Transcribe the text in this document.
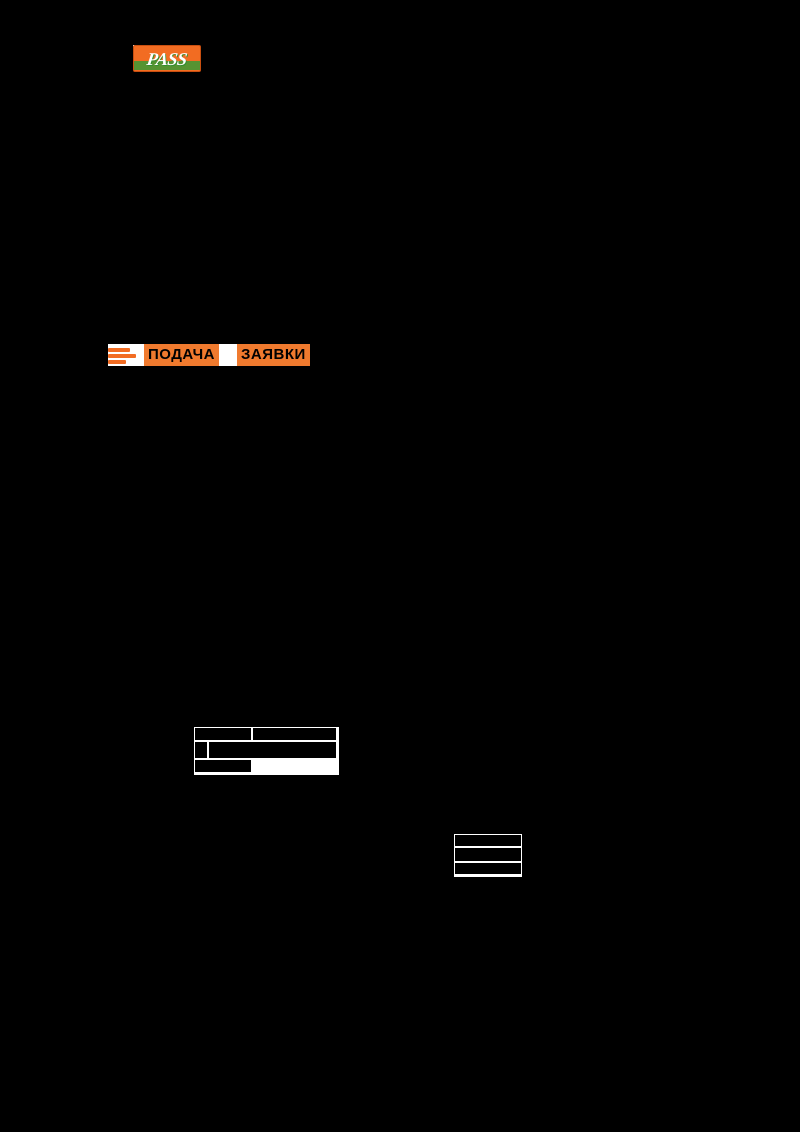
PASS
ПОДАЧА ЗАЯВКИ
